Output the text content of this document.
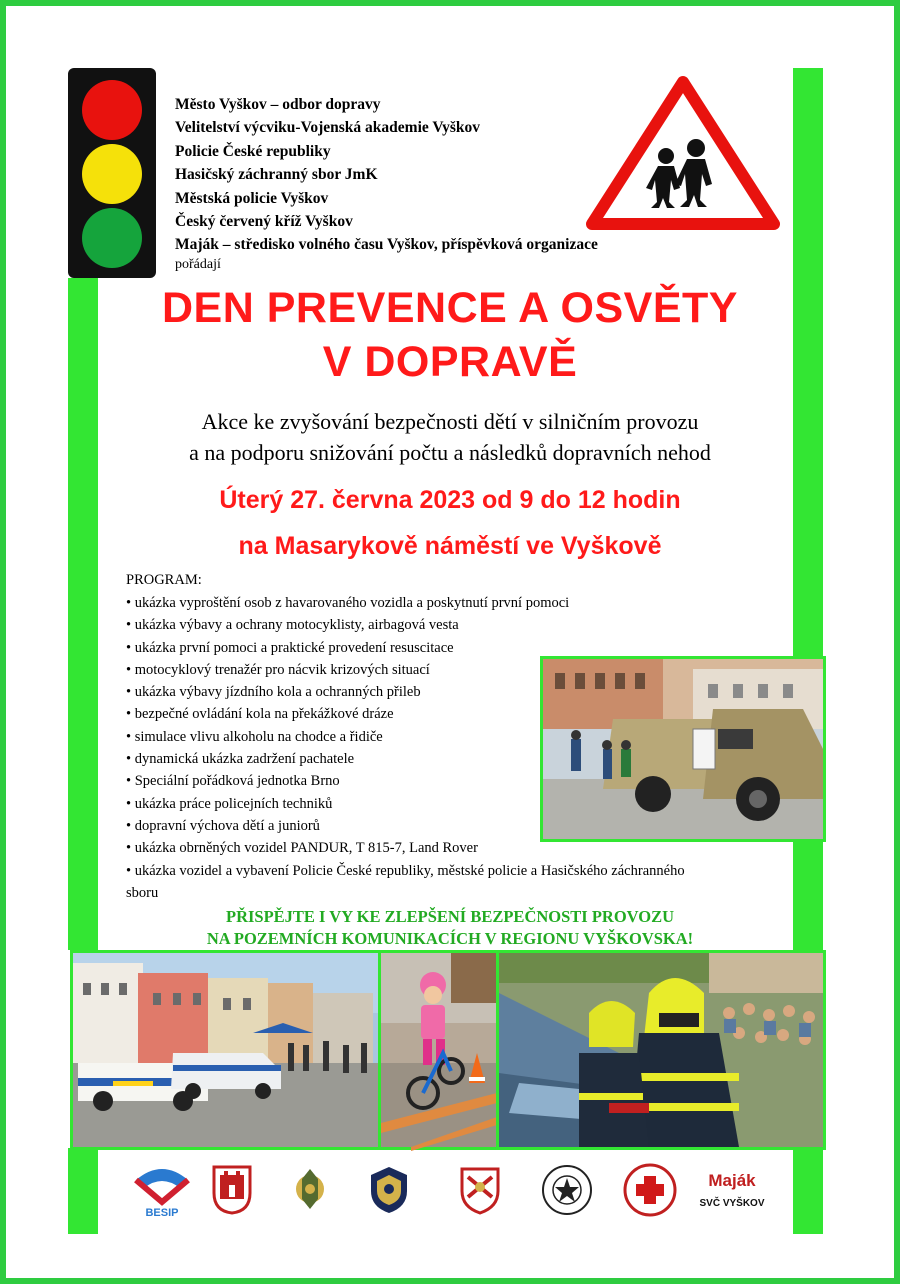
Město Vyškov – odbor dopravy
Velitelství výcviku-Vojenská akademie Vyškov
Policie České republiky
Hasičský záchranný sbor JmK
Městská policie Vyškov
Český červený kříž Vyškov
Maják – středisko volného času Vyškov, příspěvková organizace
pořádají
DEN PREVENCE A OSVĚTY
V DOPRAVĚ
Akce ke zvyšování bezpečnosti dětí v silničním provozu
a na podporu snižování počtu a následků dopravních nehod
Úterý 27. června 2023 od 9 do 12 hodin
na Masarykově náměstí ve Vyškově
PROGRAM:
• ukázka vyproštění osob z havarovaného vozidla a poskytnutí první pomoci
• ukázka výbavy a ochrany motocyklisty, airbagová vesta
• ukázka první pomoci a praktické provedení resuscitace
• motocyklový trenažér pro nácvik krizových situací
• ukázka výbavy jízdního kola a ochranných přileb
• bezpečné ovládání kola na překážkové dráze
• simulace vlivu alkoholu na chodce a řidiče
• dynamická ukázka zadržení pachatele
• Speciální pořádková jednotka Brno
• ukázka práce policejních techniků
• dopravní výchova dětí a juniorů
• ukázka obrněných vozidel PANDUR, T 815-7, Land Rover
• ukázka vozidel a vybavení Policie České republiky, městské policie a Hasičského záchranného sboru
PŘISPĚJTE I VY KE ZLEPŠENÍ BEZPEČNOSTI PROVOZU
NA POZEMNÍCH KOMUNIKACÍCH V REGIONU VYŠKOVSKA!
BESIP
Maják
SVČ VYŠKOV
